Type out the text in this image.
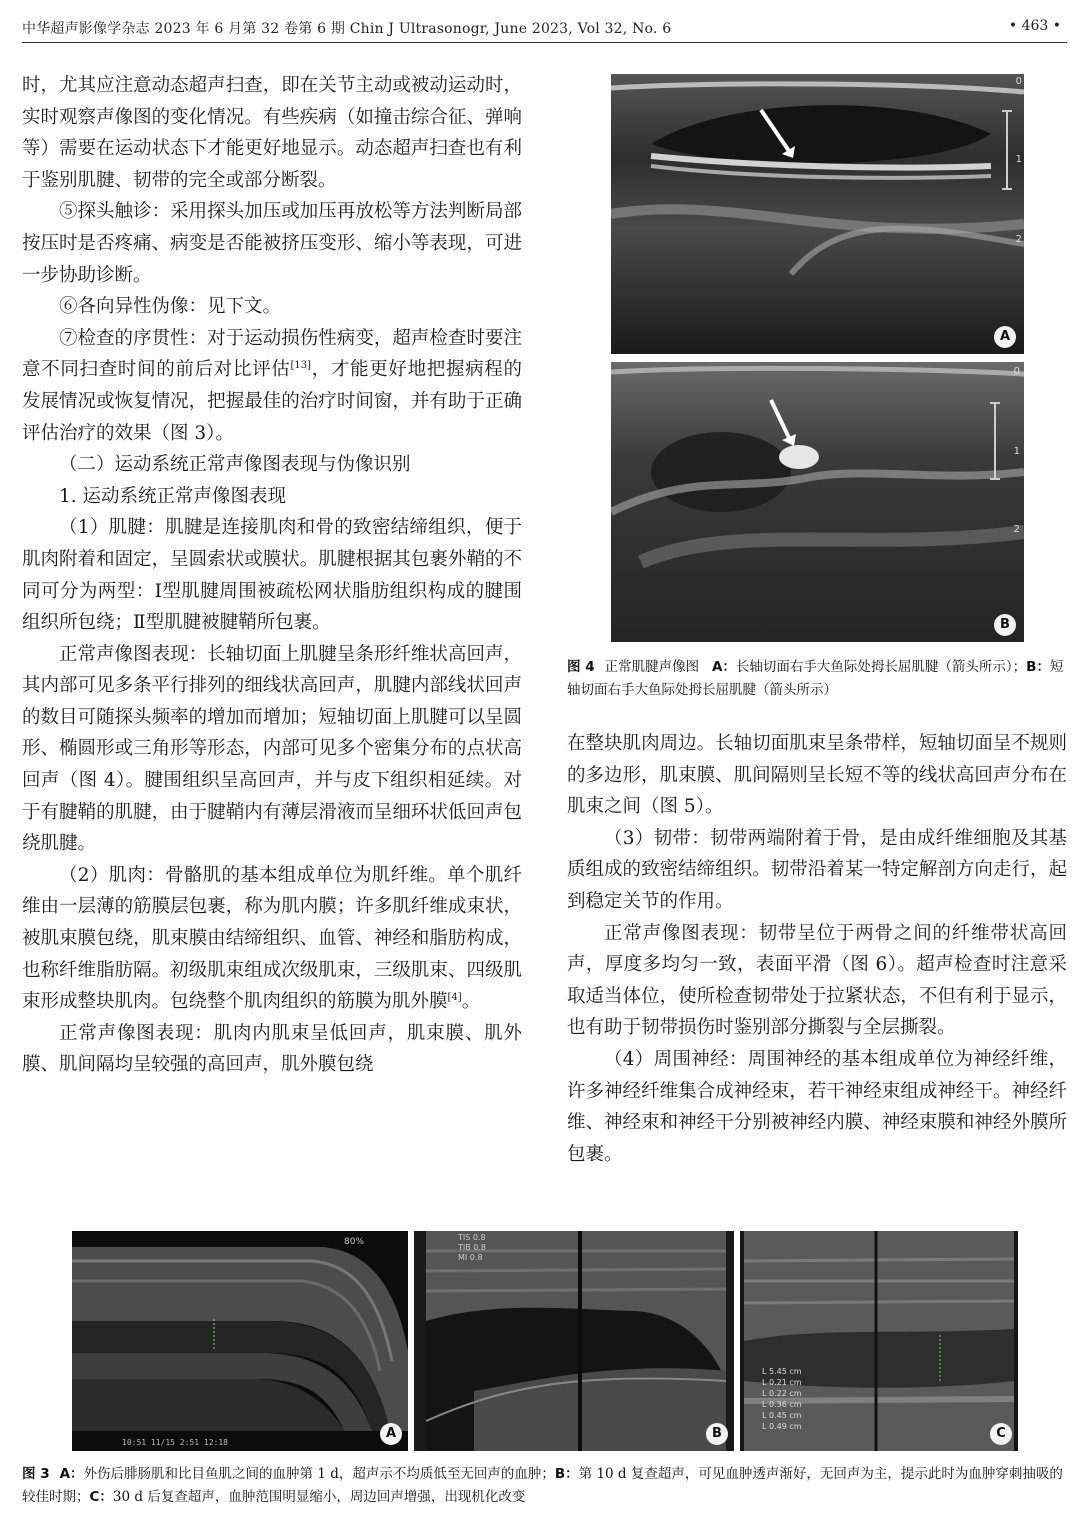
中华超声影像学杂志 2023 年 6 月第 32 卷第 6 期 Chin J Ultrasonogr, June 2023, Vol 32, No. 6	• 463 •

时，尤其应注意动态超声扫查，即在关节主动或被动运动时，实时观察声像图的变化情况。有些疾病（如撞击综合征、弹响等）需要在运动状态下才能更好地显示。动态超声扫查也有利于鉴别肌腱、韧带的完全或部分断裂。

⑤探头触诊：采用探头加压或加压再放松等方法判断局部按压时是否疼痛、病变是否能被挤压变形、缩小等表现，可进一步协助诊断。

⑥各向异性伪像：见下文。

⑦检查的序贯性：对于运动损伤性病变，超声检查时要注意不同扫查时间的前后对比评估[13]，才能更好地把握病程的发展情况或恢复情况，把握最佳的治疗时间窗，并有助于正确评估治疗的效果（图 3）。

（二）运动系统正常声像图表现与伪像识别

1. 运动系统正常声像图表现

（1）肌腱：肌腱是连接肌肉和骨的致密结缔组织，便于肌肉附着和固定，呈圆索状或膜状。肌腱根据其包裹外鞘的不同可分为两型：Ⅰ型肌腱周围被疏松网状脂肪组织构成的腱围组织所包绕；Ⅱ型肌腱被腱鞘所包裹。

正常声像图表现：长轴切面上肌腱呈条形纤维状高回声，其内部可见多条平行排列的细线状高回声，肌腱内部线状回声的数目可随探头频率的增加而增加；短轴切面上肌腱可以呈圆形、椭圆形或三角形等形态，内部可见多个密集分布的点状高回声（图 4）。腱围组织呈高回声，并与皮下组织相延续。对于有腱鞘的肌腱，由于腱鞘内有薄层滑液而呈细环状低回声包绕肌腱。

（2）肌肉：骨骼肌的基本组成单位为肌纤维。单个肌纤维由一层薄的筋膜层包裹，称为肌内膜；许多肌纤维成束状，被肌束膜包绕，肌束膜由结缔组织、血管、神经和脂肪构成，也称纤维脂肪隔。初级肌束组成次级肌束，三级肌束、四级肌束形成整块肌肉。包绕整个肌肉组织的筋膜为肌外膜[4]。

正常声像图表现：肌肉内肌束呈低回声，肌束膜、肌外膜、肌间隔均呈较强的高回声，肌外膜包绕

0
1
2
A
0
1
2
B
图 4 正常肌腱声像图 A：长轴切面右手大鱼际处拇长屈肌腱（箭头所示）；B：短轴切面右手大鱼际处拇长屈肌腱（箭头所示）

在整块肌肉周边。长轴切面肌束呈条带样，短轴切面呈不规则的多边形，肌束膜、肌间隔则呈长短不等的线状高回声分布在肌束之间（图 5）。

（3）韧带：韧带两端附着于骨，是由成纤维细胞及其基质组成的致密结缔组织。韧带沿着某一特定解剖方向走行，起到稳定关节的作用。

正常声像图表现：韧带呈位于两骨之间的纤维带状高回声，厚度多均匀一致，表面平滑（图 6）。超声检查时注意采取适当体位，使所检查韧带处于拉紧状态，不但有利于显示，也有助于韧带损伤时鉴别部分撕裂与全层撕裂。

（4）周围神经：周围神经的基本组成单位为神经纤维，许多神经纤维集合成神经束，若干神经束组成神经干。神经纤维、神经束和神经干分别被神经内膜、神经束膜和神经外膜所包裹。

80%
10:51 11/15 2:51 12:18
A
TIS 0.8
TIB 0.8
MI 0.8
B
L 5.45 cm
L 0.21 cm
L 0.22 cm
L 0.36 cm
L 0.45 cm
L 0.49 cm	C
图 3 A：外伤后腓肠肌和比目鱼肌之间的血肿第 1 d，超声示不均质低至无回声的血肿；B：第 10 d 复查超声，可见血肿透声渐好，无回声为主，提示此时为血肿穿刺抽吸的较佳时期；C：30 d 后复查超声，血肿范围明显缩小，周边回声增强，出现机化改变
